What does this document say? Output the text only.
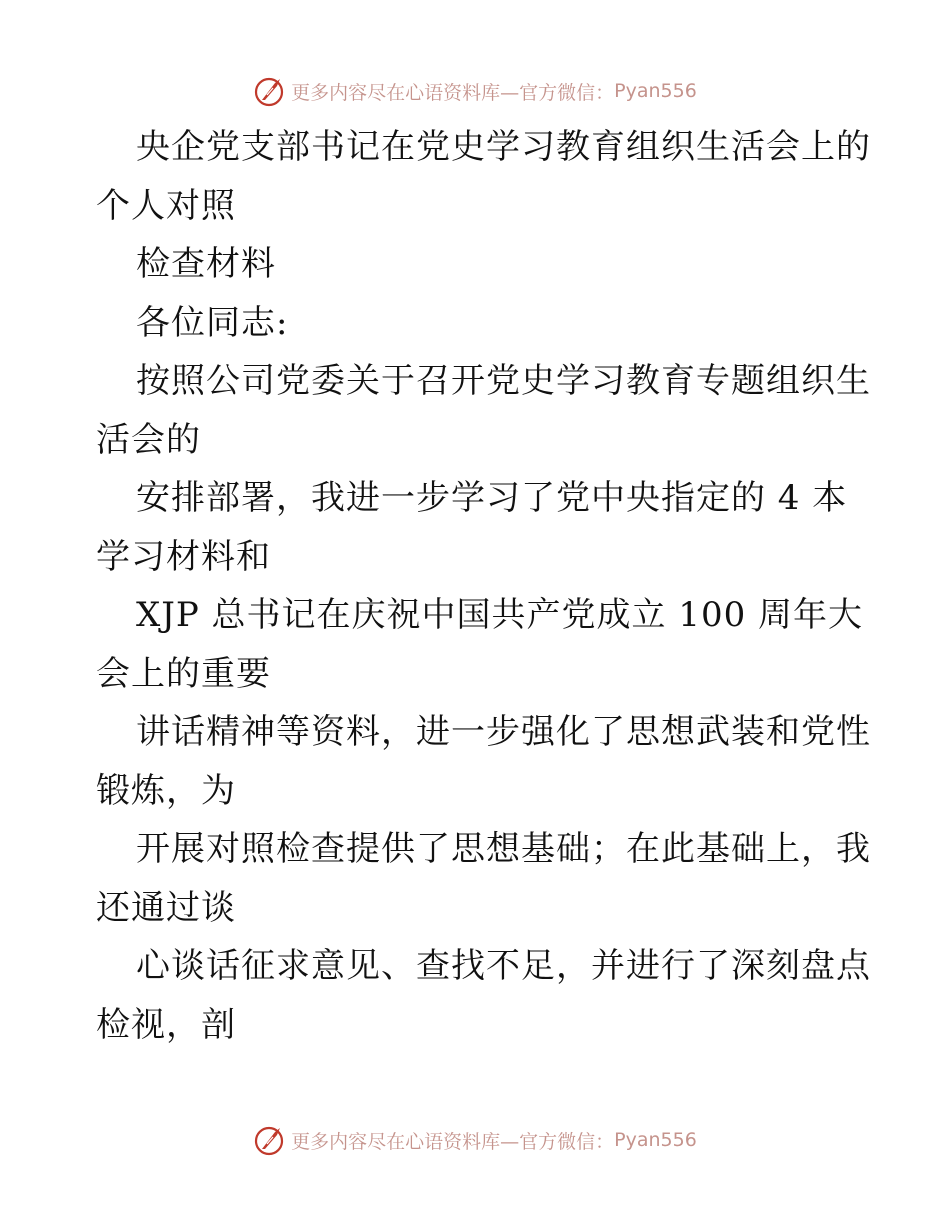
更多内容尽在心语资料库—官方微信： Pyan556
央企党支部书记在党史学习教育组织生活会上的
个人对照
检查材料
各位同志:
按照公司党委关于召开党史学习教育专题组织生
活会的
安排部署，我进一步学习了党中央指定的 4 本
学习材料和
XJP 总书记在庆祝中国共产党成立 100 周年大
会上的重要
讲话精神等资料，进一步强化了思想武装和党性
锻炼，为
开展对照检查提供了思想基础；在此基础上，我
还通过谈
心谈话征求意见、查找不足，并进行了深刻盘点
检视，剖
更多内容尽在心语资料库—官方微信： Pyan556
